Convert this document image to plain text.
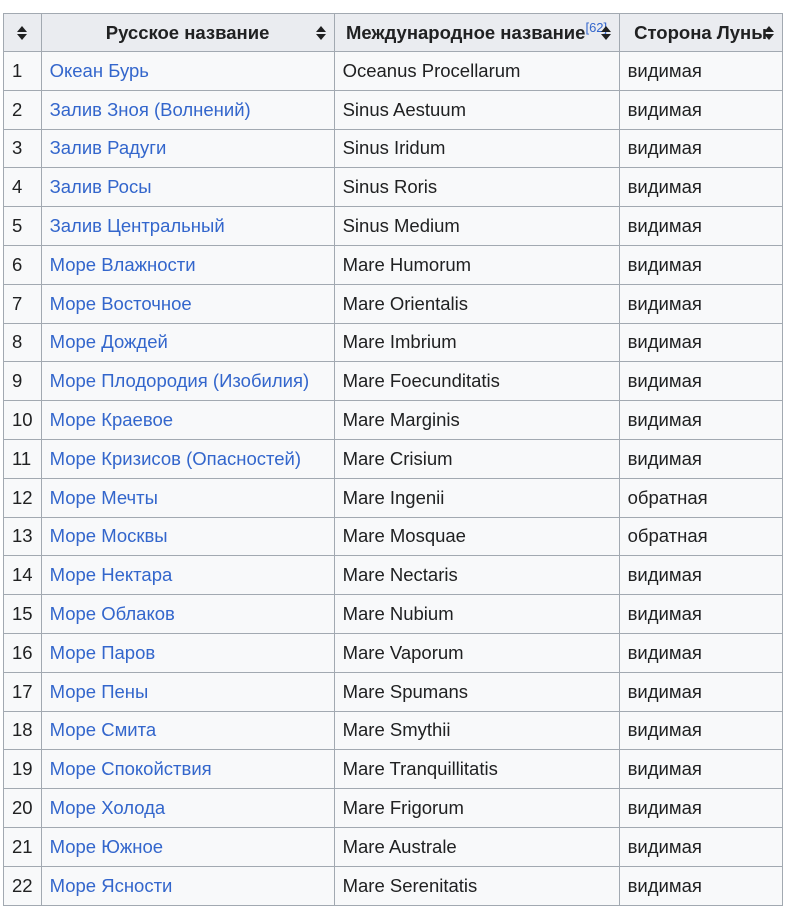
	Русское название	Международное название[62]	Сторона Луны

1	Океан Бурь	Oceanus Procellarum	видимая
2	Залив Зноя (Волнений)	Sinus Aestuum	видимая
3	Залив Радуги	Sinus Iridum	видимая
4	Залив Росы	Sinus Roris	видимая
5	Залив Центральный	Sinus Medium	видимая
6	Море Влажности	Mare Humorum	видимая
7	Море Восточное	Mare Orientalis	видимая
8	Море Дождей	Mare Imbrium	видимая
9	Море Плодородия (Изобилия)	Mare Foecunditatis	видимая
10	Море Краевое	Mare Marginis	видимая
11	Море Кризисов (Опасностей)	Mare Crisium	видимая
12	Море Мечты	Mare Ingenii	обратная
13	Море Москвы	Mare Mosquae	обратная
14	Море Нектара	Mare Nectaris	видимая
15	Море Облаков	Mare Nubium	видимая
16	Море Паров	Mare Vaporum	видимая
17	Море Пены	Mare Spumans	видимая
18	Море Смита	Mare Smythii	видимая
19	Море Спокойствия	Mare Tranquillitatis	видимая
20	Море Холода	Mare Frigorum	видимая
21	Море Южное	Mare Australe	видимая
22	Море Ясности	Mare Serenitatis	видимая
